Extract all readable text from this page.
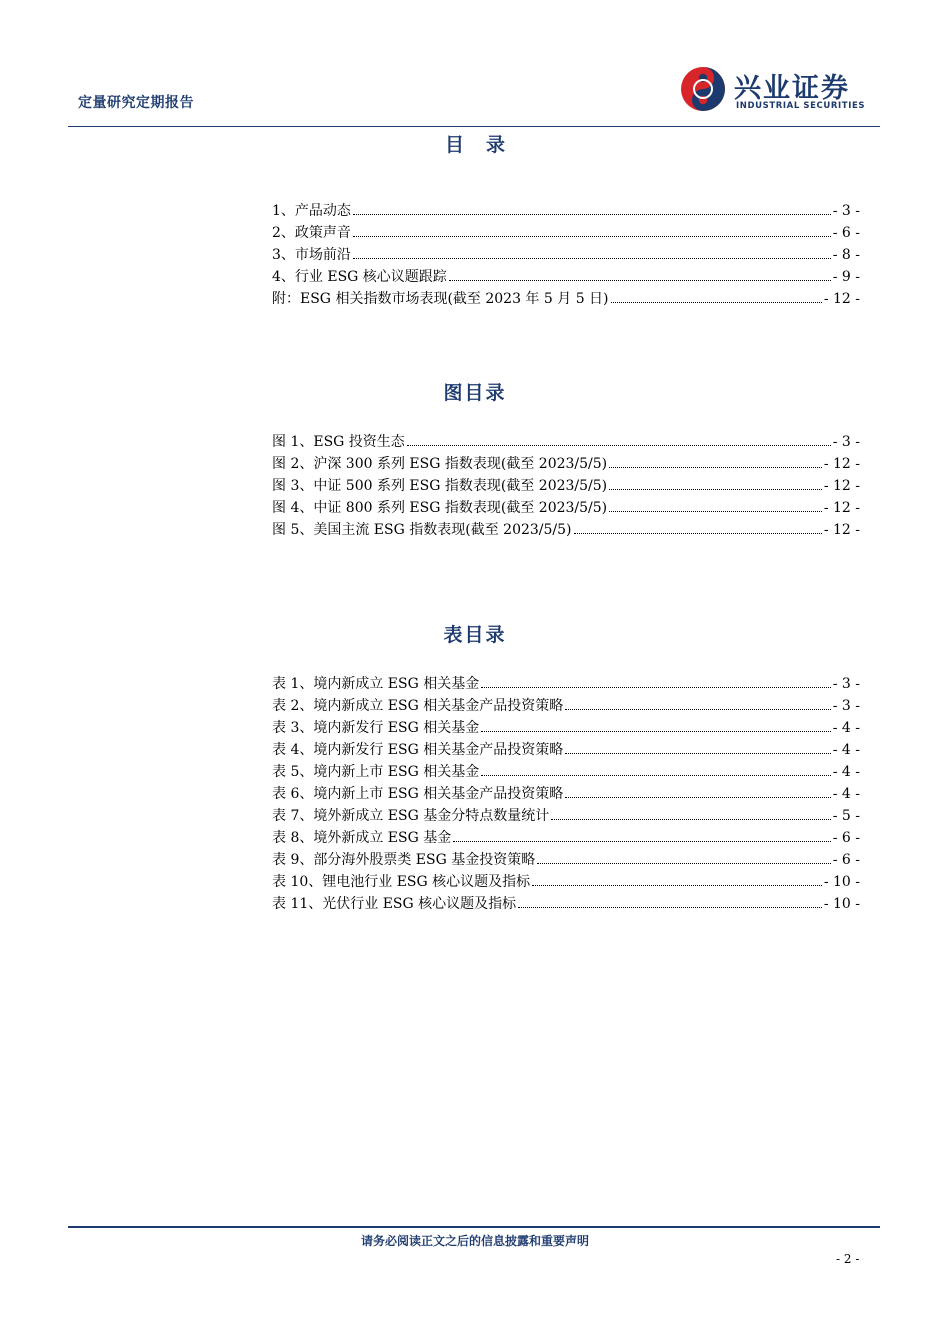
定量研究定期报告	兴业证券
INDUSTRIAL SECURITIES
目录
1、产品动态	- 3 -
2、政策声音	- 6 -
3、市场前沿	- 8 -
4、行业 ESG 核心议题跟踪	- 9 -
附：ESG 相关指数市场表现(截至 2023 年 5 月 5 日)	- 12 -
图目录
图 1、ESG 投资生态	- 3 -
图 2、沪深 300 系列 ESG 指数表现(截至 2023/5/5)	- 12 -
图 3、中证 500 系列 ESG 指数表现(截至 2023/5/5)	- 12 -
图 4、中证 800 系列 ESG 指数表现(截至 2023/5/5)	- 12 -
图 5、美国主流 ESG 指数表现(截至 2023/5/5)	- 12 -
表目录
表 1、境内新成立 ESG 相关基金	- 3 -
表 2、境内新成立 ESG 相关基金产品投资策略	- 3 -
表 3、境内新发行 ESG 相关基金	- 4 -
表 4、境内新发行 ESG 相关基金产品投资策略	- 4 -
表 5、境内新上市 ESG 相关基金	- 4 -
表 6、境内新上市 ESG 相关基金产品投资策略	- 4 -
表 7、境外新成立 ESG 基金分特点数量统计	- 5 -
表 8、境外新成立 ESG 基金	- 6 -
表 9、部分海外股票类 ESG 基金投资策略	- 6 -
表 10、锂电池行业 ESG 核心议题及指标	- 10 -
表 11、光伏行业 ESG 核心议题及指标	- 10 -
请务必阅读正文之后的信息披露和重要声明
- 2 -
